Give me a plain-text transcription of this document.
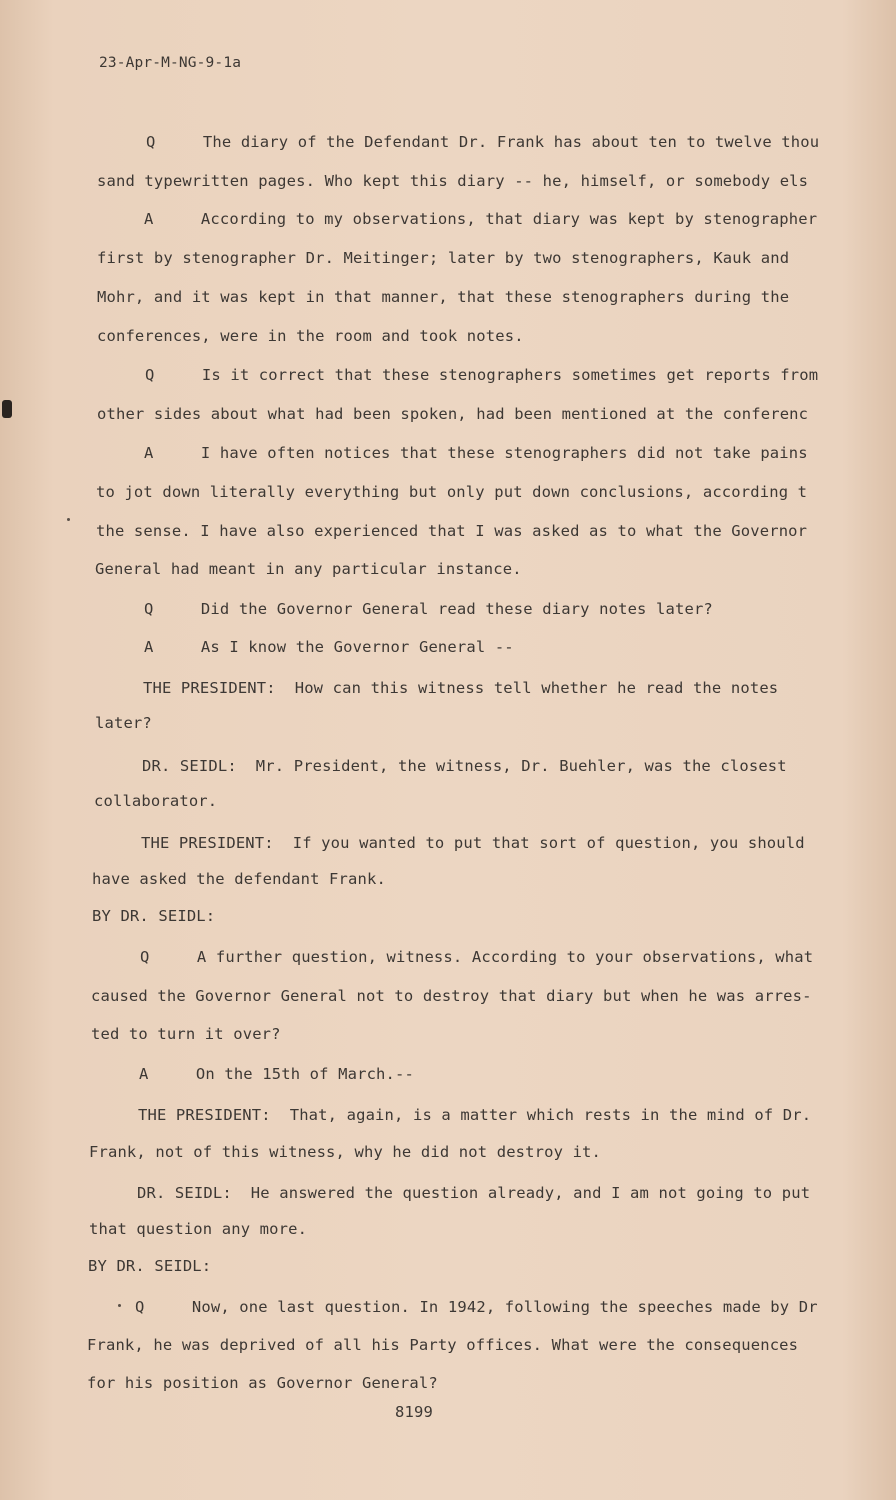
23-Apr-M-NG-9-1a
Q     The diary of the Defendant Dr. Frank has about ten to twelve thou
sand typewritten pages. Who kept this diary -- he, himself, or somebody els
A     According to my observations, that diary was kept by stenographer
first by stenographer Dr. Meitinger; later by two stenographers, Kauk and
Mohr, and it was kept in that manner, that these stenographers during the
conferences, were in the room and took notes.
Q     Is it correct that these stenographers sometimes get reports from
other sides about what had been spoken, had been mentioned at the conferenc
A     I have often notices that these stenographers did not take pains
to jot down literally everything but only put down conclusions, according t
the sense. I have also experienced that I was asked as to what the Governor
General had meant in any particular instance.
Q     Did the Governor General read these diary notes later?
A     As I know the Governor General --
THE PRESIDENT:  How can this witness tell whether he read the notes
later?
DR. SEIDL:  Mr. President, the witness, Dr. Buehler, was the closest
collaborator.
THE PRESIDENT:  If you wanted to put that sort of question, you should
have asked the defendant Frank.
BY DR. SEIDL:
Q     A further question, witness. According to your observations, what
caused the Governor General not to destroy that diary but when he was arres-
ted to turn it over?
A     On the 15th of March.--
THE PRESIDENT:  That, again, is a matter which rests in the mind of Dr.
Frank, not of this witness, why he did not destroy it.
DR. SEIDL:  He answered the question already, and I am not going to put
that question any more.
BY DR. SEIDL:
Q     Now, one last question. In 1942, following the speeches made by Dr
Frank, he was deprived of all his Party offices. What were the consequences
for his position as Governor General?
8199
